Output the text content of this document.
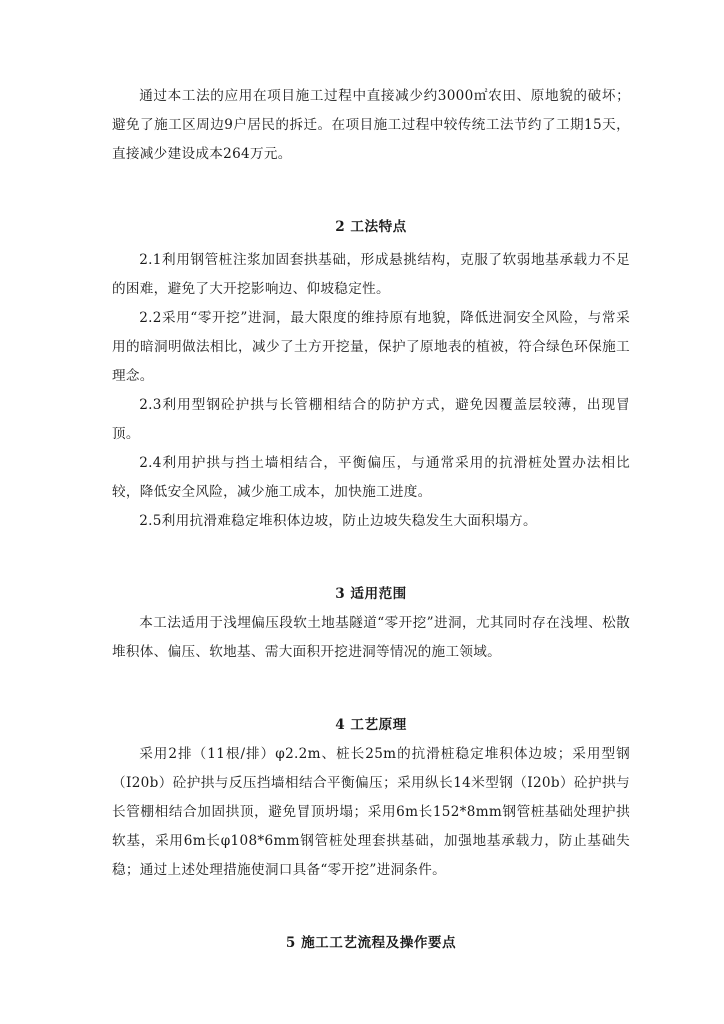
通过本工法的应用在项目施工过程中直接减少约3000㎡农田、原地貌的破坏；避免了施工区周边9户居民的拆迁。在项目施工过程中较传统工法节约了工期15天，直接减少建设成本264万元。

2 工法特点

2.1利用钢管桩注浆加固套拱基础，形成悬挑结构，克服了软弱地基承载力不足的困难，避免了大开挖影响边、仰坡稳定性。

2.2采用“零开挖”进洞，最大限度的维持原有地貌，降低进洞安全风险，与常采用的暗洞明做法相比，减少了土方开挖量，保护了原地表的植被，符合绿色环保施工理念。

2.3利用型钢砼护拱与长管棚相结合的防护方式，避免因覆盖层较薄，出现冒顶。

2.4利用护拱与挡土墙相结合，平衡偏压，与通常采用的抗滑桩处置办法相比较，降低安全风险，减少施工成本，加快施工进度。

2.5利用抗滑难稳定堆积体边坡，防止边坡失稳发生大面积塌方。

3 适用范围

本工法适用于浅埋偏压段软土地基隧道“零开挖”进洞，尤其同时存在浅埋、松散堆积体、偏压、软地基、需大面积开挖进洞等情况的施工领域。

4 工艺原理

采用2排（11根/排）φ2.2m、桩长25m的抗滑桩稳定堆积体边坡；采用型钢（I20b）砼护拱与反压挡墙相结合平衡偏压；采用纵长14米型钢（I20b）砼护拱与长管棚相结合加固拱顶，避免冒顶坍塌；采用6m长152*8mm钢管桩基础处理护拱软基，采用6m长φ108*6mm钢管桩处理套拱基础，加强地基承载力，防止基础失稳；通过上述处理措施使洞口具备“零开挖”进洞条件。

5 施工工艺流程及操作要点
